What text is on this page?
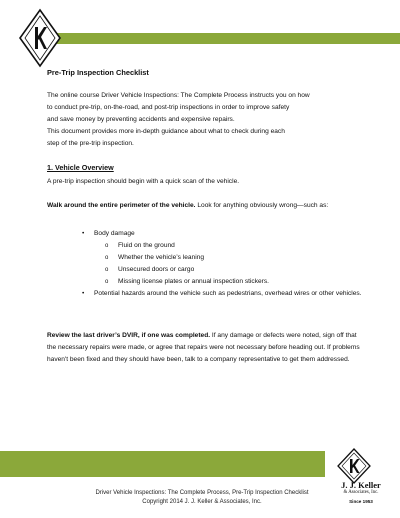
Pre-Trip Inspection Checklist
The online course Driver Vehicle Inspections: The Complete Process instructs you on how
to conduct pre-trip, on-the-road, and post-trip inspections in order to improve safety
and save money by preventing accidents and expensive repairs.
This document provides more in-depth guidance about what to check during each
step of the pre-trip inspection.
1. Vehicle Overview
A pre-trip inspection should begin with a quick scan of the vehicle.
Walk around the entire perimeter of the vehicle. Look for anything obviously wrong—such as:
• Body damage
o Fluid on the ground
o Whether the vehicle’s leaning
o Unsecured doors or cargo
o Missing license plates or annual inspection stickers.
• Potential hazards around the vehicle such as pedestrians, overhead wires or other vehicles.
Review the last driver’s DVIR, if one was completed. If any damage or defects were noted, sign off that the necessary repairs were made, or agree that repairs were not necessary before heading out. If problems haven't been fixed and they should have been, talk to a company representative to get them addressed.
Driver Vehicle Inspections: The Complete Process, Pre-Trip Inspection Checklist
Copyright 2014 J. J. Keller & Associates, Inc.
J. J. Keller
& Associates, Inc.
Since 1953
